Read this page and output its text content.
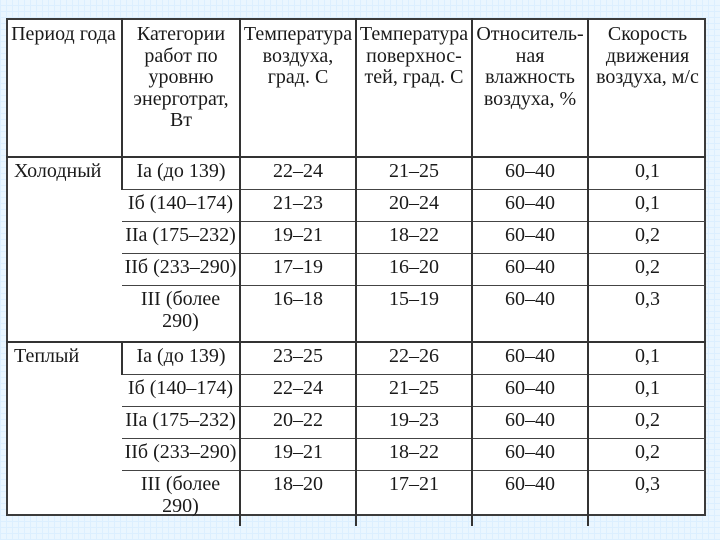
Период года	Категории работ по уровню энерготрат, Вт	Температура воздуха, град. С	Температура поверхнос-тей, град. С	Относитель-ная влажность воздуха, %	Скорость движения воздуха, м/с
Холодный	Ia (до 139)	22–24	21–25	60–40	0,1
	Iб (140–174)	21–23	20–24	60–40	0,1
	IIa (175–232)	19–21	18–22	60–40	0,2
	IIб (233–290)	17–19	16–20	60–40	0,2
	III (более 290)	16–18	15–19	60–40	0,3
Теплый	Ia (до 139)	23–25	22–26	60–40	0,1
	Iб (140–174)	22–24	21–25	60–40	0,1
	IIa (175–232)	20–22	19–23	60–40	0,2
	IIб (233–290)	19–21	18–22	60–40	0,2
	III (более 290)	18–20	17–21	60–40	0,3
